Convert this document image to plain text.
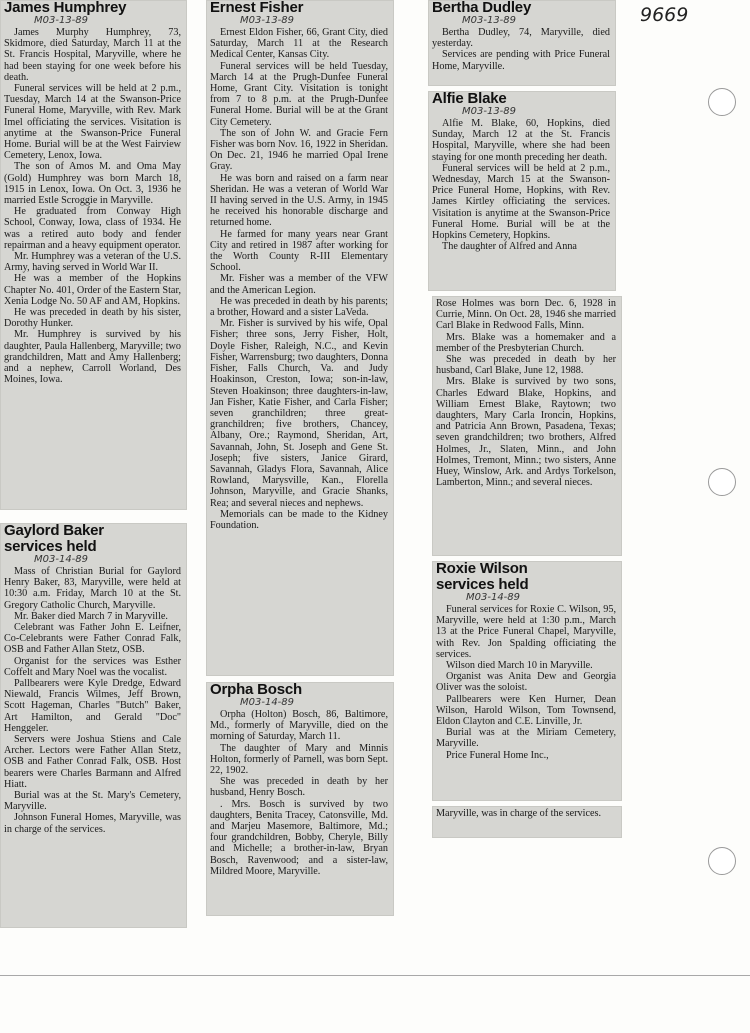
9669
James Humphrey
M03-13-89

James Murphy Humphrey, 73, Skidmore, died Saturday, March 11 at the St. Francis Hospital, Maryville, where he had been staying for one week before his death.

Funeral services will be held at 2 p.m., Tuesday, March 14 at the Swanson-Price Funeral Home, Maryville, with Rev. Mark Imel officiating the services. Visitation is anytime at the Swanson-Price Funeral Home. Burial will be at the West Fairview Cemetery, Lenox, Iowa.

The son of Amos M. and Oma May (Gold) Humphrey was born March 18, 1915 in Lenox, Iowa. On Oct. 3, 1936 he married Estle Scroggie in Maryville.

He graduated from Conway High School, Conway, Iowa, class of 1934. He was a retired auto body and fender repairman and a heavy equipment operator.

Mr. Humphrey was a veteran of the U.S. Army, having served in World War II.

He was a member of the Hopkins Chapter No. 401, Order of the Eastern Star, Xenia Lodge No. 50 AF and AM, Hopkins.

He was preceded in death by his sister, Dorothy Hunker.

Mr. Humphrey is survived by his daughter, Paula Hallenberg, Maryville; two grandchildren, Matt and Amy Hallenberg; and a nephew, Carroll Worland, Des Moines, Iowa.

Gaylord Baker
services held
M03-14-89

Mass of Christian Burial for Gaylord Henry Baker, 83, Maryville, were held at 10:30 a.m. Friday, March 10 at the St. Gregory Catholic Church, Maryville.

Mr. Baker died March 7 in Maryville.

Celebrant was Father John E. Leifner, Co-Celebrants were Father Conrad Falk, OSB and Father Allan Stetz, OSB.

Organist for the services was Esther Coffelt and Mary Noel was the vocalist.

Pallbearers were Kyle Dredge, Edward Niewald, Francis Wilmes, Jeff Brown, Scott Hageman, Charles "Butch" Baker, Art Hamilton, and Gerald "Doc" Henggeler.

Servers were Joshua Stiens and Cale Archer. Lectors were Father Allan Stetz, OSB and Father Conrad Falk, OSB. Host bearers were Charles Barmann and Alfred Hiatt.

Burial was at the St. Mary's Cemetery, Maryville.

Johnson Funeral Homes, Maryville, was in charge of the services.

Ernest Fisher
M03-13-89

Ernest Eldon Fisher, 66, Grant City, died Saturday, March 11 at the Research Medical Center, Kansas City.

Funeral services will be held Tuesday, March 14 at the Prugh-Dunfee Funeral Home, Grant City. Visitation is tonight from 7 to 8 p.m. at the Prugh-Dunfee Funeral Home. Burial will be at the Grant City Cemetery.

The son of John W. and Gracie Fern Fisher was born Nov. 16, 1922 in Sheridan. On Dec. 21, 1946 he married Opal Irene Gray.

He was born and raised on a farm near Sheridan. He was a veteran of World War II having served in the U.S. Army, in 1945 he received his honorable discharge and returned home.

He farmed for many years near Grant City and retired in 1987 after working for the Worth County R-III Elementary School.

Mr. Fisher was a member of the VFW and the American Legion.

He was preceded in death by his parents; a brother, Howard and a sister LaVeda.

Mr. Fisher is survived by his wife, Opal Fisher; three sons, Jerry Fisher, Holt, Doyle Fisher, Raleigh, N.C., and Kevin Fisher, Warrensburg; two daughters, Donna Fisher, Falls Church, Va. and Judy Hoakinson, Creston, Iowa; son-in-law, Steven Hoakinson; three daughters-in-law, Jan Fisher, Katie Fisher, and Carla Fisher; seven granchildren; three great-granchildren; five brothers, Chancey, Albany, Ore.; Raymond, Sheridan, Art, Savannah, John, St. Joseph and Gene St. Joseph; five sisters, Janice Girard, Savannah, Gladys Flora, Savannah, Alice Rowland, Marysville, Kan., Florella Johnson, Maryville, and Gracie Shanks, Rea; and several nieces and nephews.

Memorials can be made to the Kidney Foundation.

Orpha Bosch
M03-14-89

Orpha (Holton) Bosch, 86, Baltimore, Md., formerly of Maryville, died on the morning of Saturday, March 11.

The daughter of Mary and Minnis Holton, formerly of Parnell, was born Sept. 22, 1902.

She was preceded in death by her husband, Henry Bosch.

. Mrs. Bosch is survived by two daughters, Benita Tracey, Catonsville, Md. and Marjeu Masemore, Baltimore, Md.; four grandchildren, Bobby, Cheryle, Billy and Michelle; a brother-in-law, Bryan Bosch, Ravenwood; and a sister-law, Mildred Moore, Maryville.

Bertha Dudley
M03-13-89

Bertha Dudley, 74, Maryville, died yesterday.

Services are pending with Price Funeral Home, Maryville.

Alfie Blake
M03-13-89

Alfie M. Blake, 60, Hopkins, died Sunday, March 12 at the St. Francis Hospital, Maryville, where she had been staying for one month preceding her death.

Funeral services will be held at 2 p.m., Wednesday, March 15 at the Swanson-Price Funeral Home, Hopkins, with Rev. James Kirtley officiating the services. Visitation is anytime at the Swanson-Price Funeral Home. Burial will be at the Hopkins Cemetery, Hopkins.

The daughter of Alfred and Anna

Rose Holmes was born Dec. 6, 1928 in Currie, Minn. On Oct. 28, 1946 she married Carl Blake in Redwood Falls, Minn.

Mrs. Blake was a homemaker and a member of the Presbyterian Church.

She was preceded in death by her husband, Carl Blake, June 12, 1988.

Mrs. Blake is survived by two sons, Charles Edward Blake, Hopkins, and William Ernest Blake, Raytown; two daughters, Mary Carla Ironcin, Hopkins, and Patricia Ann Brown, Pasadena, Texas; seven grandchildren; two brothers, Alfred Holmes, Jr., Slaten, Minn., and John Holmes, Tremont, Minn.; two sisters, Anne Huey, Winslow, Ark. and Ardys Torkelson, Lamberton, Minn.; and several nieces.

Roxie Wilson
services held
M03-14-89

Funeral services for Roxie C. Wilson, 95, Maryville, were held at 1:30 p.m., March 13 at the Price Funeral Chapel, Maryville, with Rev. Jon Spalding officiating the services.

Wilson died March 10 in Maryville.

Organist was Anita Dew and Georgia Oliver was the soloist.

Pallbearers were Ken Hurner, Dean Wilson, Harold Wilson, Tom Townsend, Eldon Clayton and C.E. Linville, Jr.

Burial was at the Miriam Cemetery, Maryville.

Price Funeral Home Inc.,

Maryville, was in charge of the services.
